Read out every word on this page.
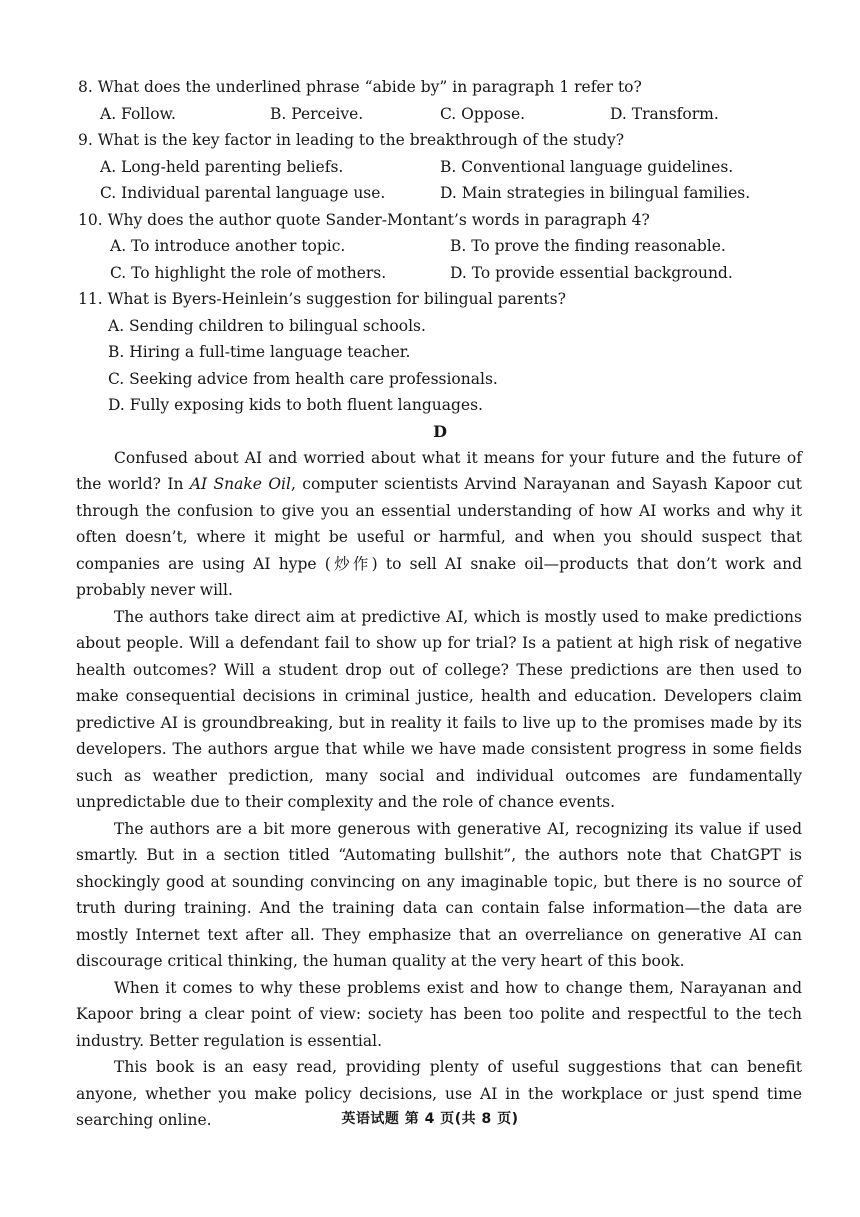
8. What does the underlined phrase “abide by” in paragraph 1 refer to?
A. Follow.	B. Perceive.	C. Oppose.	D. Transform.
9. What is the key factor in leading to the breakthrough of the study?
A. Long-held parenting beliefs.	B. Conventional language guidelines.
C. Individual parental language use.	D. Main strategies in bilingual families.
10. Why does the author quote Sander-Montant’s words in paragraph 4?
A. To introduce another topic.	B. To prove the finding reasonable.
C. To highlight the role of mothers.	D. To provide essential background.
11. What is Byers-Heinlein’s suggestion for bilingual parents?
A. Sending children to bilingual schools.
B. Hiring a full-time language teacher.
C. Seeking advice from health care professionals.
D. Fully exposing kids to both fluent languages.
D

Confused about AI and worried about what it means for your future and the future of the world? In AI Snake Oil, computer scientists Arvind Narayanan and Sayash Kapoor cut through the confusion to give you an essential understanding of how AI works and why it often doesn’t, where it might be useful or harmful, and when you should suspect that companies are using AI hype (炒作) to sell AI snake oil—products that don’t work and probably never will.

The authors take direct aim at predictive AI, which is mostly used to make predictions about people. Will a defendant fail to show up for trial? Is a patient at high risk of negative health outcomes? Will a student drop out of college? These predictions are then used to make consequential decisions in criminal justice, health and education. Developers claim predictive AI is groundbreaking, but in reality it fails to live up to the promises made by its developers. The authors argue that while we have made consistent progress in some fields such as weather prediction, many social and individual outcomes are fundamentally unpredictable due to their complexity and the role of chance events.

The authors are a bit more generous with generative AI, recognizing its value if used smartly. But in a section titled “Automating bullshit”, the authors note that ChatGPT is shockingly good at sounding convincing on any imaginable topic, but there is no source of truth during training. And the training data can contain false information—the data are mostly Internet text after all. They emphasize that an overreliance on generative AI can discourage critical thinking, the human quality at the very heart of this book.

When it comes to why these problems exist and how to change them, Narayanan and Kapoor bring a clear point of view: society has been too polite and respectful to the tech industry. Better regulation is essential.

This book is an easy read, providing plenty of useful suggestions that can benefit anyone, whether you make policy decisions, use AI in the workplace or just spend time searching online.	英语试题 第 4 页(共 8 页)
